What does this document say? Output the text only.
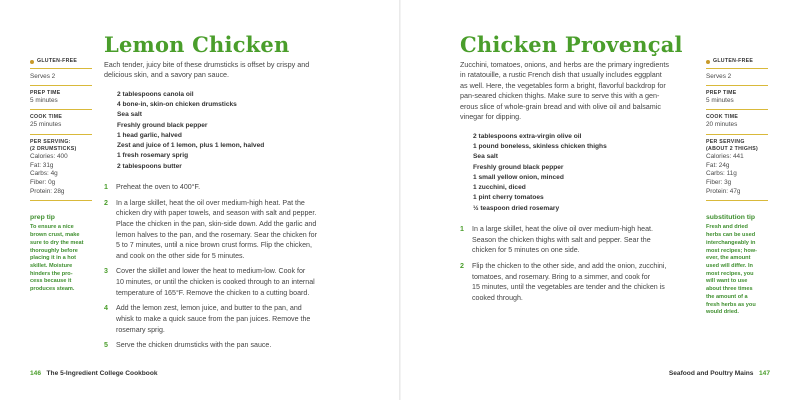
GLUTEN-FREE
Serves 2
PREP TIME
5 minutes
COOK TIME
25 minutes
PER SERVING:
(2 DRUMSTICKS)
Calories: 400
Fat: 31g
Carbs: 4g
Fiber: 0g
Protein: 28g
prep tip
To ensure a nice
brown crust, make
sure to dry the meat
thoroughly before
placing it in a hot
skillet. Moisture
hinders the pro-
cess because it
produces steam.
Lemon Chicken
Each tender, juicy bite of these drumsticks is offset by crispy and
delicious skin, and a savory pan sauce.
2 tablespoons canola oil
4 bone-in, skin-on chicken drumsticks
Sea salt
Freshly ground black pepper
1 head garlic, halved
Zest and juice of 1 lemon, plus 1 lemon, halved
1 fresh rosemary sprig
2 tablespoons butter
1	Preheat the oven to 400°F.
2	In a large skillet, heat the oil over medium-high heat. Pat the
chicken dry with paper towels, and season with salt and pepper.
Place the chicken in the pan, skin-side down. Add the garlic and
lemon halves to the pan, and the rosemary. Sear the chicken for
5 to 7 minutes, until a nice brown crust forms. Flip the chicken,
and cook on the other side for 5 minutes.
3	Cover the skillet and lower the heat to medium-low. Cook for
10 minutes, or until the chicken is cooked through to an internal
temperature of 165°F. Remove the chicken to a cutting board.
4	Add the lemon zest, lemon juice, and butter to the pan, and
whisk to make a quick sauce from the pan juices. Remove the
rosemary sprig.
5	Serve the chicken drumsticks with the pan sauce.
146 The 5-Ingredient College Cookbook
Chicken Provençal
Zucchini, tomatoes, onions, and herbs are the primary ingredients
in ratatouille, a rustic French dish that usually includes eggplant
as well. Here, the vegetables form a bright, flavorful backdrop for
pan-seared chicken thighs. Make sure to serve this with a gen-
erous slice of whole-grain bread and with olive oil and balsamic
vinegar for dipping.
2 tablespoons extra-virgin olive oil
1 pound boneless, skinless chicken thighs
Sea salt
Freshly ground black pepper
1 small yellow onion, minced
1 zucchini, diced
1 pint cherry tomatoes
½ teaspoon dried rosemary
1	In a large skillet, heat the olive oil over medium-high heat.
Season the chicken thighs with salt and pepper. Sear the
chicken for 5 minutes on one side.
2	Flip the chicken to the other side, and add the onion, zucchini,
tomatoes, and rosemary. Bring to a simmer, and cook for
15 minutes, until the vegetables are tender and the chicken is
cooked through.
GLUTEN-FREE
Serves 2
PREP TIME
5 minutes
COOK TIME
20 minutes
PER SERVING
(ABOUT 2 THIGHS)
Calories: 441
Fat: 24g
Carbs: 11g
Fiber: 3g
Protein: 47g
substitution tip
Fresh and dried
herbs can be used
interchangeably in
most recipes; how-
ever, the amount
used will differ. In
most recipes, you
will want to use
about three times
the amount of a
fresh herbs as you
would dried.
Seafood and Poultry Mains 147
